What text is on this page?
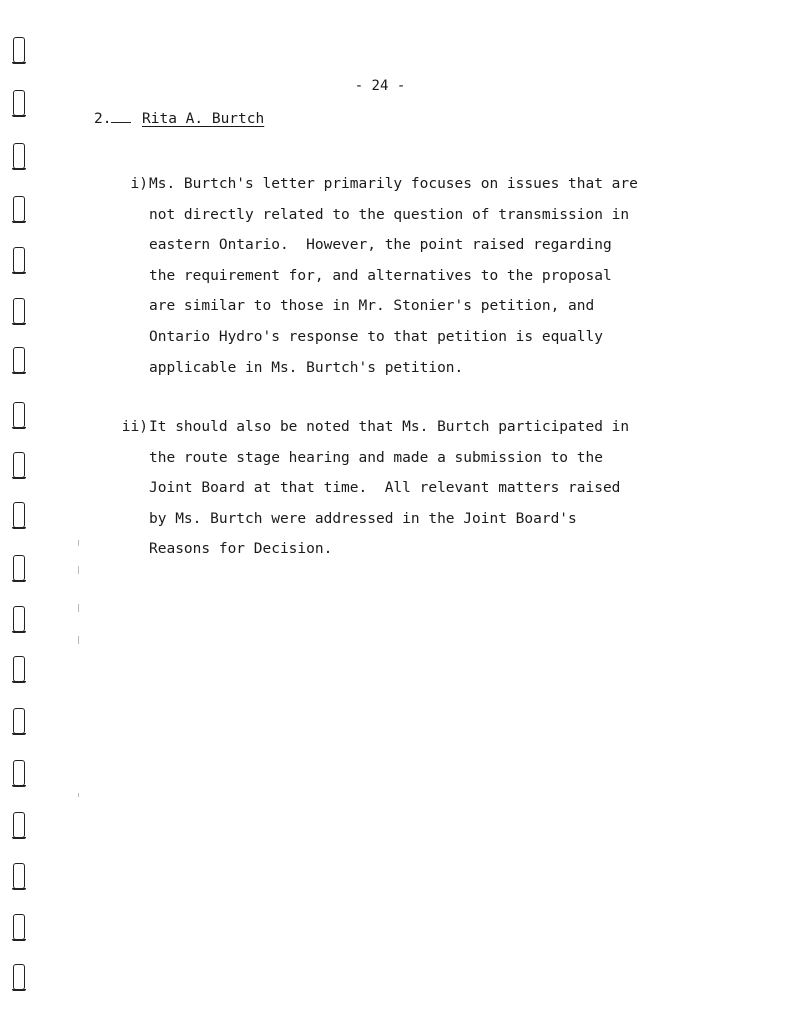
- 24 -
2. Rita A. Burtch
i) Ms. Burtch's letter primarily focuses on issues that are
not directly related to the question of transmission in
eastern Ontario.  However, the point raised regarding
the requirement for, and alternatives to the proposal
are similar to those in Mr. Stonier's petition, and
Ontario Hydro's response to that petition is equally
applicable in Ms. Burtch's petition.
ii) It should also be noted that Ms. Burtch participated in
the route stage hearing and made a submission to the
Joint Board at that time.  All relevant matters raised
by Ms. Burtch were addressed in the Joint Board's
Reasons for Decision.
